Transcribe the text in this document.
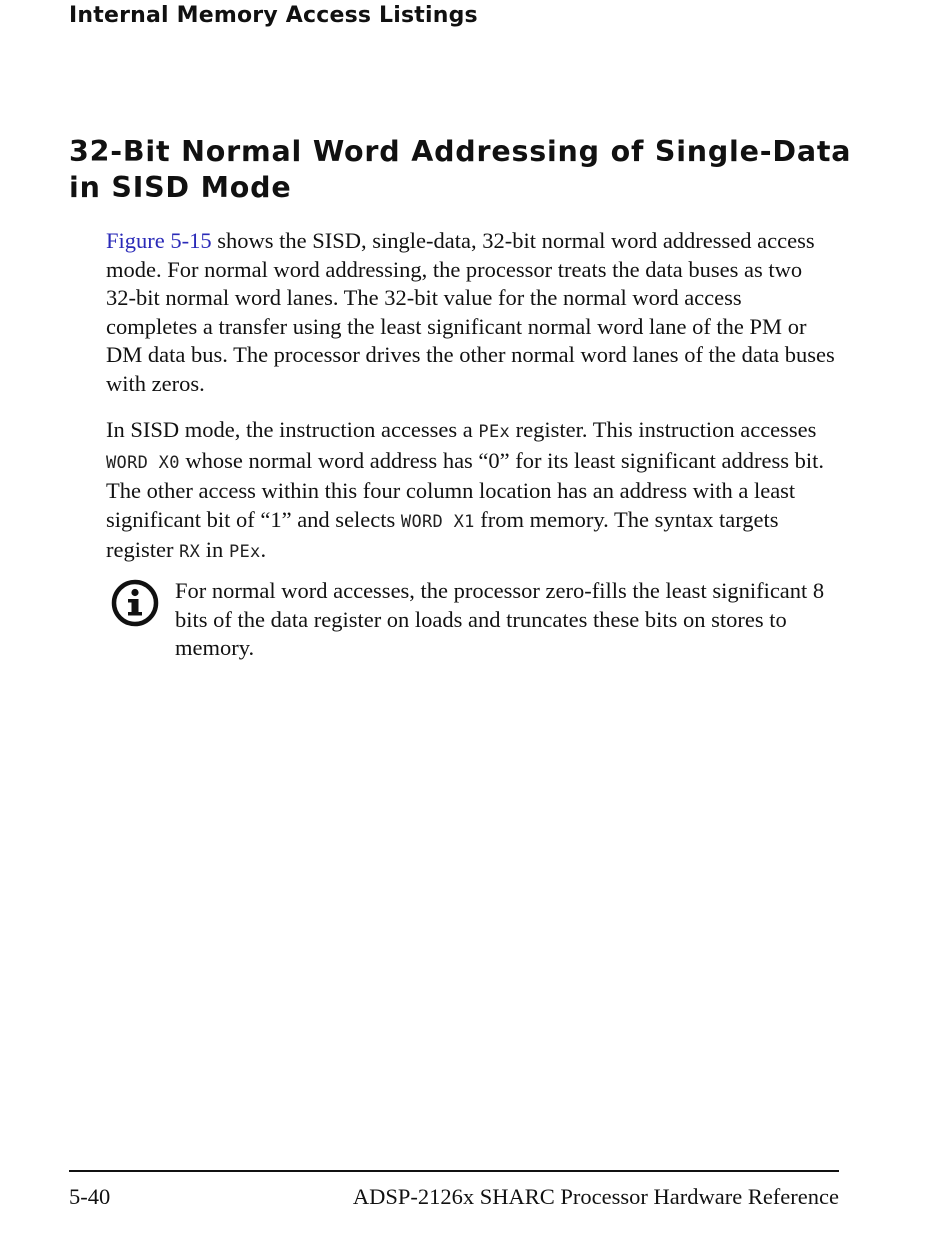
Internal Memory Access Listings
32-Bit Normal Word Addressing of Single-Data in SISD Mode

Figure 5-15 shows the SISD, single-data, 32-bit normal word addressed access mode. For normal word addressing, the processor treats the data buses as two 32-bit normal word lanes. The 32-bit value for the normal word access completes a transfer using the least significant normal word lane of the PM or DM data bus. The processor drives the other normal word lanes of the data buses with zeros.

In SISD mode, the instruction accesses a PEx register. This instruction accesses WORD X0 whose normal word address has “0” for its least significant address bit. The other access within this four column location has an address with a least significant bit of “1” and selects WORD X1 from memory. The syntax targets register RX in PEx.

For normal word accesses, the processor zero-fills the least significant 8 bits of the data register on loads and truncates these bits on stores to memory.

5-40	ADSP-2126x SHARC Processor Hardware Reference
